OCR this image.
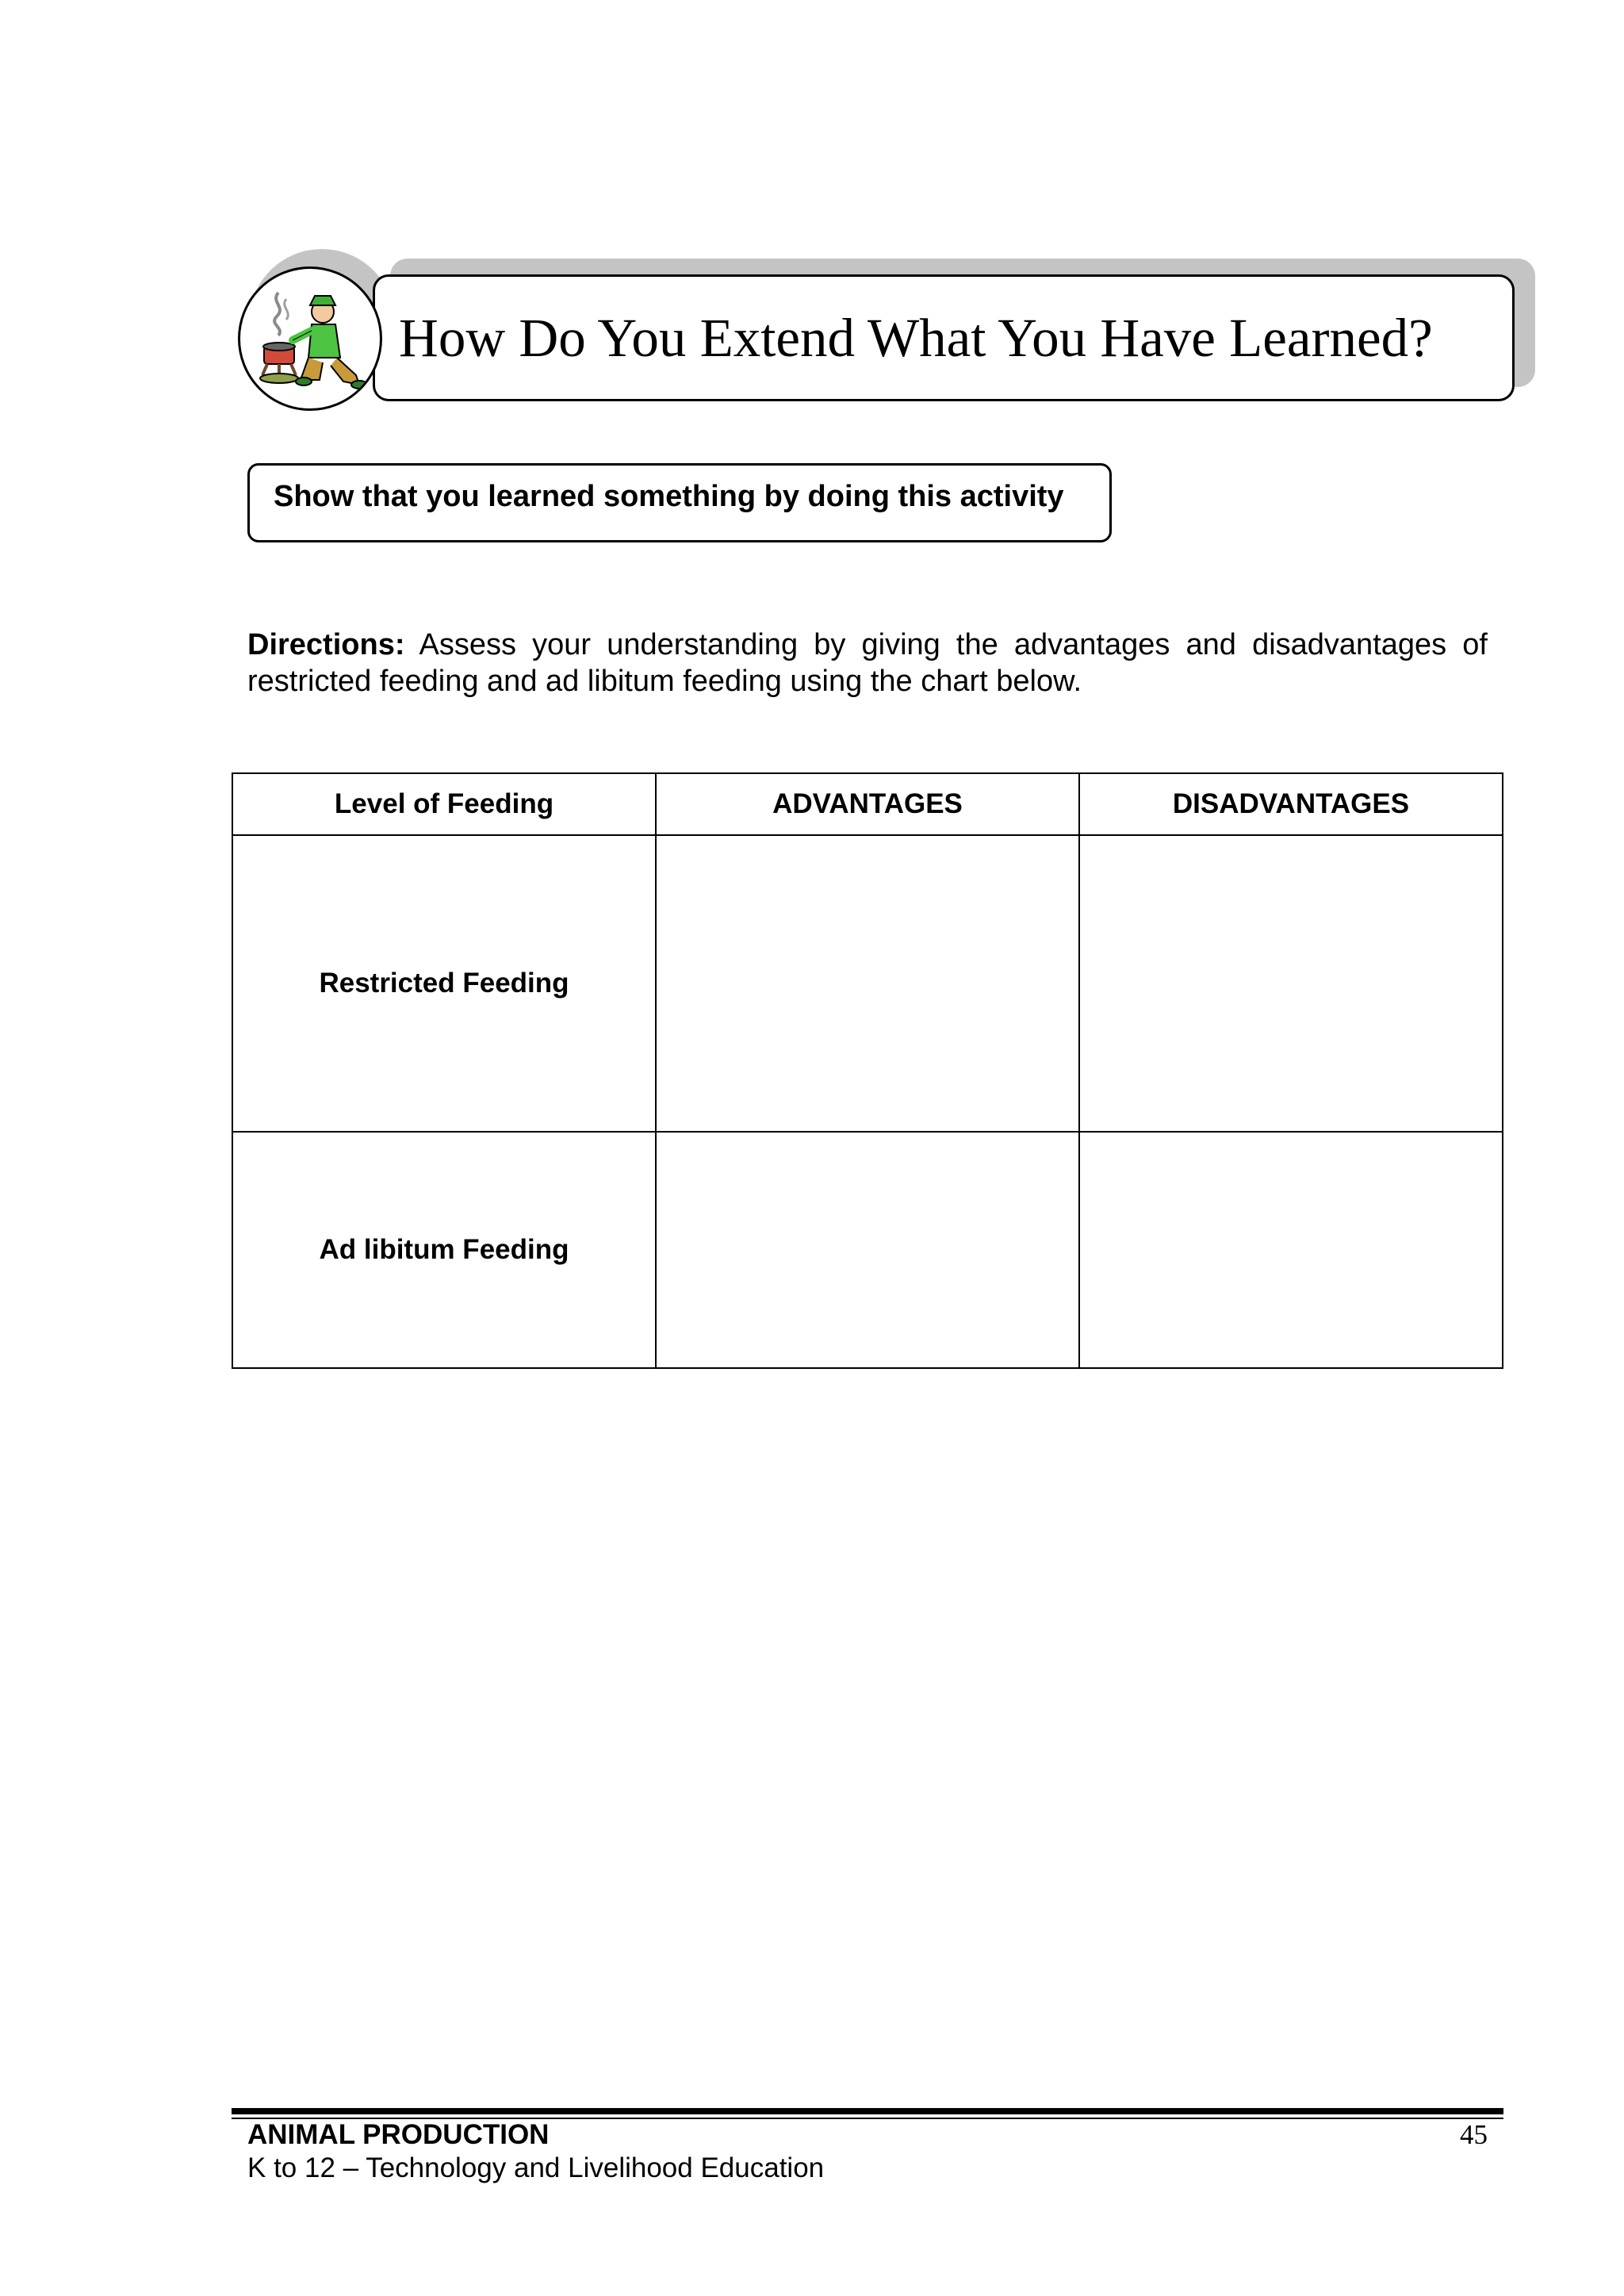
How Do You Extend What You Have Learned?
Show that you learned something by doing this activity
Directions: Assess your understanding by giving the advantages and disadvantages of restricted feeding and ad libitum feeding using the chart below.
Level of Feeding	ADVANTAGES	DISADVANTAGES
Restricted Feeding		
Ad libitum Feeding		
ANIMAL PRODUCTION
K to 12 – Technology and Livelihood Education
45
